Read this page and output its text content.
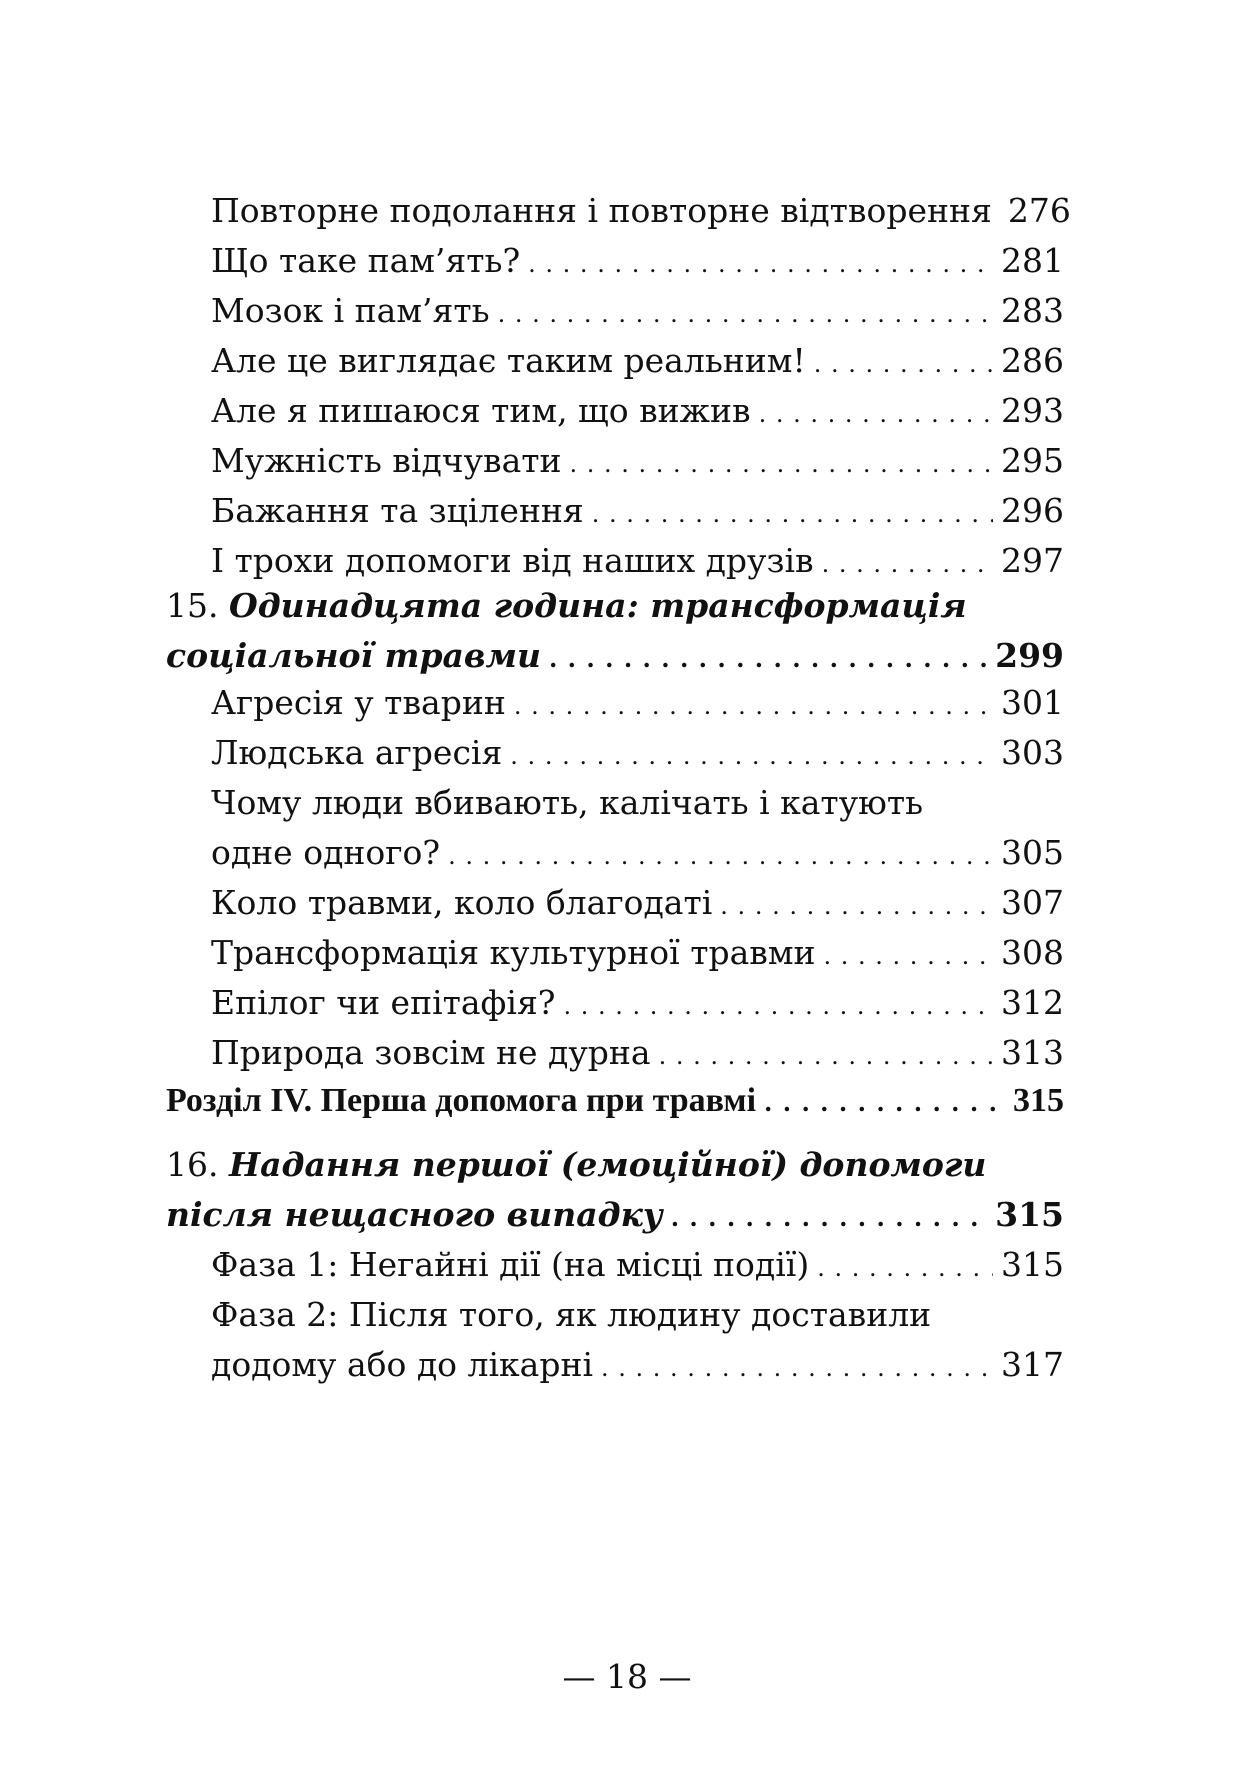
Повторне подолання і повторне відтворення 276
Що таке пам’ять? . . .	281
Мозок і пам’ять . . .	283
Але це виглядає таким реальним! . . .	286
Але я пишаюся тим, що вижив . . .	293
Мужність відчувати . . .	295
Бажання та зцілення . . .	296
І трохи допомоги від наших друзів . . .	297
15. Одинадцята година: трансформація
соціальної травми . . .	299
Агресія у тварин . . .	301
Людська агресія . . .	303
Чому люди вбивають, калічать і катують
одне одного? . . .	305
Коло травми, коло благодаті . . .	307
Трансформація культурної травми . . .	308
Епілог чи епітафія? . . .	312
Природа зовсім не дурна . . .	313
Розділ IV. Перша допомога при травмі . . .	315
16. Надання першої (емоційної) допомоги
після нещасного випадку . . .	315
Фаза 1: Негайні дії (на місці події) . . .	315
Фаза 2: Після того, як людину доставили
додому або до лікарні . . .	317
— 18 —
